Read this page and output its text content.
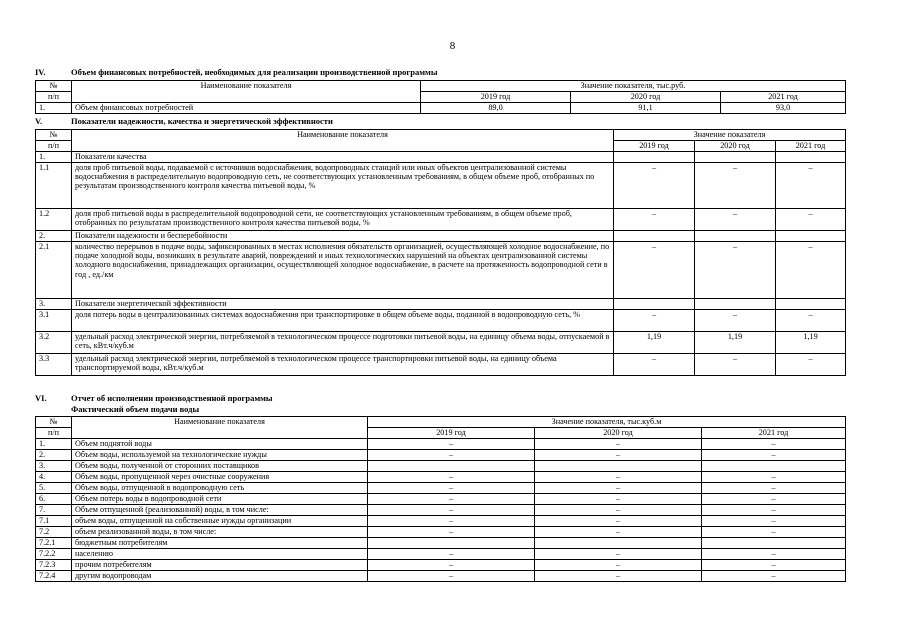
8
IV.	Объем финансовых потребностей, необходимых для реализации производственной программы
№	Наименование показателя	Значение показателя, тыс.руб.		
п/п		2019 год	2020 год	2021 год
1.	Объем финансовых потребностей	89,0	91,1	93,0
V.	Показатели надежности, качества и энергетической эффективности
№	Наименование показателя	Значение показателя		
п/п		2019 год	2020 год	2021 год
1.	Показатели качества			
1.1	доля проб питьевой воды, подаваемой с источников водоснабжения, водопроводных станций или иных объектов централизованной системы водоснабжения в распределительную водопроводную сеть, не соответствующих установленным требованиям, в общем объеме проб, отобранных по результатам производственного контроля качества питьевой воды, %	–	–	–
1.2	доля проб питьевой воды в распределительной водопроводной сети, не соответствующих установленным требованиям, в общем объеме проб, отобранных по результатам производственного контроля качества питьевой воды, %	–	–	–
2.	Показатели надежности и бесперебойности			
2.1	количество перерывов в подаче воды, зафиксированных в местах исполнения обязательств организацией, осуществляющей холодное водоснабжение, по подаче холодной воды, возникших в результате аварий, повреждений и иных технологических нарушений на объектах централизованной системы холодного водоснабжения, принадлежащих организации, осуществляющей холодное водоснабжение, в расчете на протяженность водопроводной сети в год , ед./км	–	–	–
3.	Показатели энергетической эффективности			
3.1	доля потерь воды в централизованных системах водоснабжения при транспортировке в общем объеме воды, поданной в водопроводную сеть, %	–	–	–
3.2	удельный расход электрической энергии, потребляемой в технологическом процессе подготовки питьевой воды, на единицу объема воды, отпускаемой в сеть, кВт.ч/куб.м	1,19	1,19	1,19
3.3	удельный расход электрической энергии, потребляемой в технологическом процессе транспортировки питьевой воды, на единицу объема транспортируемой воды, кВт.ч/куб.м	–	–	–
VI.	Отчет об исполнении производственной программы
Фактический объем подачи воды
№	Наименование показателя	Значение показателя, тыс.куб.м		
п/п		2019 год	2020 год	2021 год
1.	Объем поднятой воды	–	–	–
2.	Объем воды, используемой на технологические нужды	–	–	–
3.	Объем воды, полученной от сторонних поставщиков			
4.	Объем воды, пропущенной через очистные сооружения	–	–	–
5.	Объем воды, отпущенной в водопроводную сеть	–	–	–
6.	Объем потерь воды в водопроводной сети	–	–	–
7.	Объем отпущенной (реализованной) воды, в том числе:	–	–	–
7.1	объем воды, отпущенной на собственные нужды организации	–	–	–
7.2	объем реализованной воды, в том числе:	–	–	–
7.2.1	бюджетным потребителям			
7.2.2	населению	–	–	–
7.2.3	прочим потребителям	–	–	–
7.2.4	другим водопроводам	–	–	–
